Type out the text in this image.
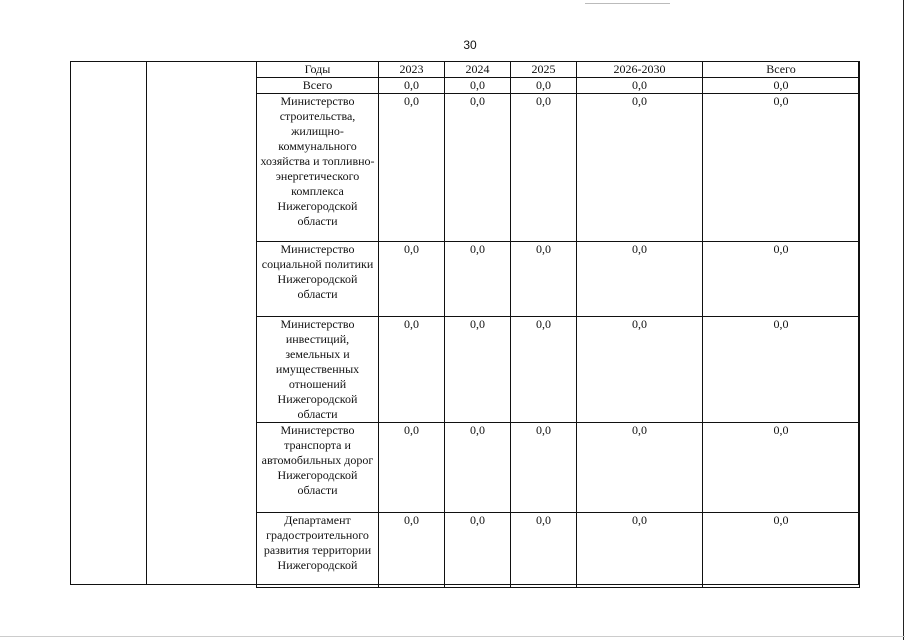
30
Годы	2023	2024	2025	2026-2030	Всего
Всего	0,0	0,0	0,0	0,0	0,0
Министерство строительства, жилищно-коммунального хозяйства и топливно-энергетического комплекса Нижегородской области	0,0	0,0	0,0	0,0	0,0
Министерство социальной политики Нижегородской области	0,0	0,0	0,0	0,0	0,0
Министерство инвестиций, земельных и имущественных отношений Нижегородской области	0,0	0,0	0,0	0,0	0,0
Министерство транспорта и автомобильных дорог Нижегородской области	0,0	0,0	0,0	0,0	0,0
Департамент градостроительного развития территории Нижегородской	0,0	0,0	0,0	0,0	0,0
